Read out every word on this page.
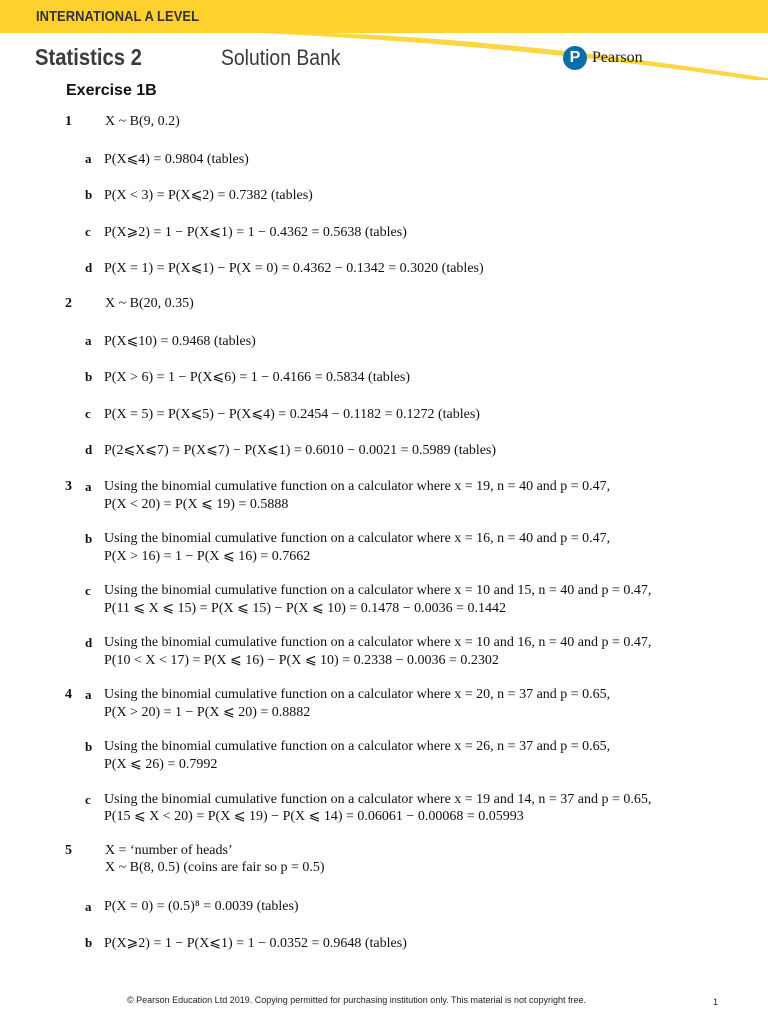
INTERNATIONAL A LEVEL
Statistics 2	Solution Bank	P Pearson
Exercise 1B
1 X ~ B(9, 0.2)
a P(X⩽4) = 0.9804 (tables)
b P(X < 3) = P(X⩽2) = 0.7382 (tables)
c P(X⩾2) = 1 − P(X⩽1) = 1 − 0.4362 = 0.5638 (tables)
d P(X = 1) = P(X⩽1) − P(X = 0) = 0.4362 − 0.1342 = 0.3020 (tables)
2 X ~ B(20, 0.35)
a P(X⩽10) = 0.9468 (tables)
b P(X > 6) = 1 − P(X⩽6) = 1 − 0.4166 = 0.5834 (tables)
c P(X = 5) = P(X⩽5) − P(X⩽4) = 0.2454 − 0.1182 = 0.1272 (tables)
d P(2⩽X⩽7) = P(X⩽7) − P(X⩽1) = 0.6010 − 0.0021 = 0.5989 (tables)
3 a Using the binomial cumulative function on a calculator where x = 19, n = 40 and p = 0.47,
P(X < 20) = P(X ⩽ 19) = 0.5888
b Using the binomial cumulative function on a calculator where x = 16, n = 40 and p = 0.47,
P(X > 16) = 1 − P(X ⩽ 16) = 0.7662
c Using the binomial cumulative function on a calculator where x = 10 and 15, n = 40 and p = 0.47,
P(11 ⩽ X ⩽ 15) = P(X ⩽ 15) − P(X ⩽ 10) = 0.1478 − 0.0036 = 0.1442
d Using the binomial cumulative function on a calculator where x = 10 and 16, n = 40 and p = 0.47,
P(10 < X < 17) = P(X ⩽ 16) − P(X ⩽ 10) = 0.2338 − 0.0036 = 0.2302
4 a Using the binomial cumulative function on a calculator where x = 20, n = 37 and p = 0.65,
P(X > 20) = 1 − P(X ⩽ 20) = 0.8882
b Using the binomial cumulative function on a calculator where x = 26, n = 37 and p = 0.65,
P(X ⩽ 26) = 0.7992
c Using the binomial cumulative function on a calculator where x = 19 and 14, n = 37 and p = 0.65,
P(15 ⩽ X < 20) = P(X ⩽ 19) − P(X ⩽ 14) = 0.06061 − 0.00068 = 0.05993
5 X = ‘number of heads’
X ~ B(8, 0.5) (coins are fair so p = 0.5)
a P(X = 0) = (0.5)⁸ = 0.0039 (tables)
b P(X⩾2) = 1 − P(X⩽1) = 1 − 0.0352 = 0.9648 (tables)
© Pearson Education Ltd 2019. Copying permitted for purchasing institution only. This material is not copyright free.	1
